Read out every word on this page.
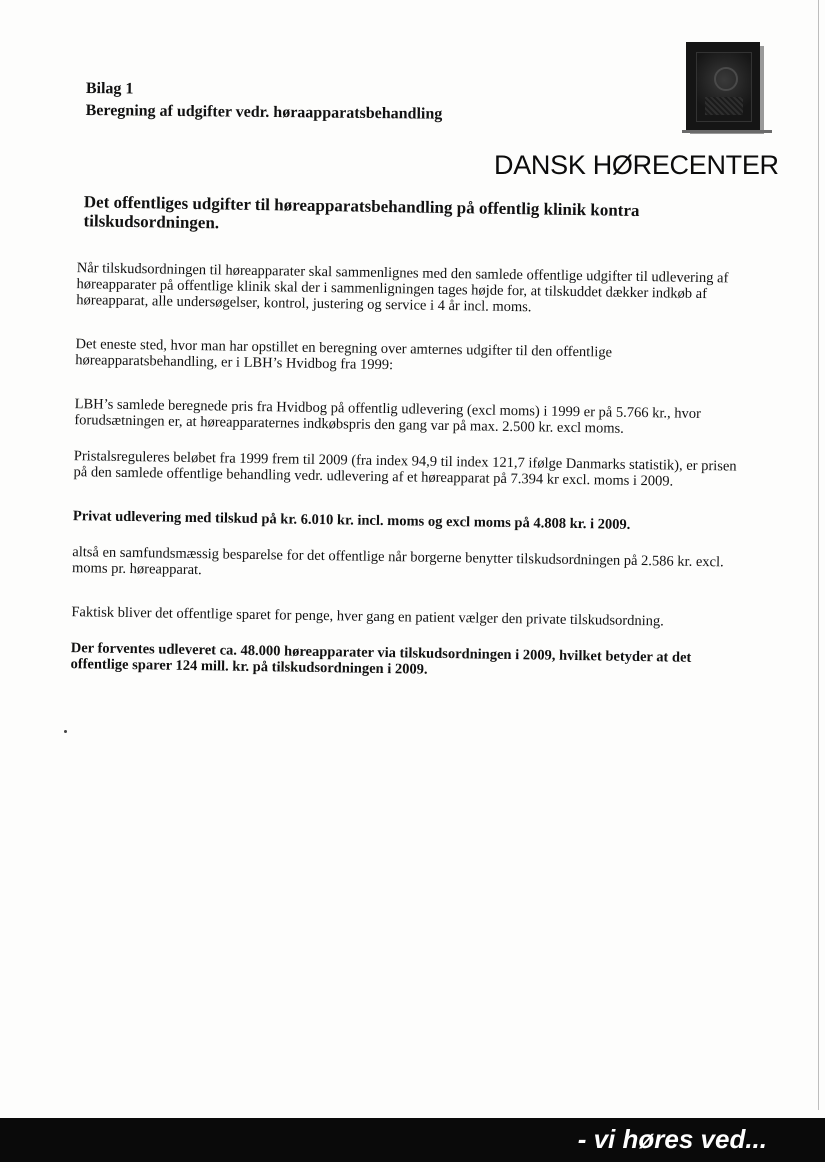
Bilag 1
Beregning af udgifter vedr. høraapparatsbehandling
DANSK HØRECENTER
Det offentliges udgifter til høreapparatsbehandling på offentlig klinik kontra tilskudsordningen.

Når tilskudsordningen til høreapparater skal sammenlignes med den samlede offentlige udgifter til udlevering af høreapparater på offentlige klinik skal der i sammenligningen tages højde for, at tilskuddet dækker indkøb af høreapparat, alle undersøgelser, kontrol, justering og service i 4 år incl. moms.

Det eneste sted, hvor man har opstillet en beregning over amternes udgifter til den offentlige høreapparatsbehandling, er i LBH’s Hvidbog fra 1999:

LBH’s samlede beregnede pris fra Hvidbog på offentlig udlevering (excl moms) i 1999 er på 5.766 kr., hvor forudsætningen er, at høreapparaternes indkøbspris den gang var på max. 2.500 kr. excl moms.

Pristalsreguleres beløbet fra 1999 frem til 2009 (fra index 94,9 til index 121,7 ifølge Danmarks statistik), er prisen på den samlede offentlige behandling vedr. udlevering af et høreapparat på 7.394 kr excl. moms i 2009.

Privat udlevering med tilskud på kr. 6.010 kr. incl. moms og excl moms på 4.808 kr. i 2009.

altså en samfundsmæssig besparelse for det offentlige når borgerne benytter tilskudsordningen på 2.586 kr. excl. moms pr. høreapparat.

Faktisk bliver det offentlige sparet for penge, hver gang en patient vælger den private tilskudsordning.

Der forventes udleveret ca. 48.000 høreapparater via tilskudsordningen i 2009, hvilket betyder at det offentlige sparer 124 mill. kr. på tilskudsordningen i 2009.

- vi høres ved...
